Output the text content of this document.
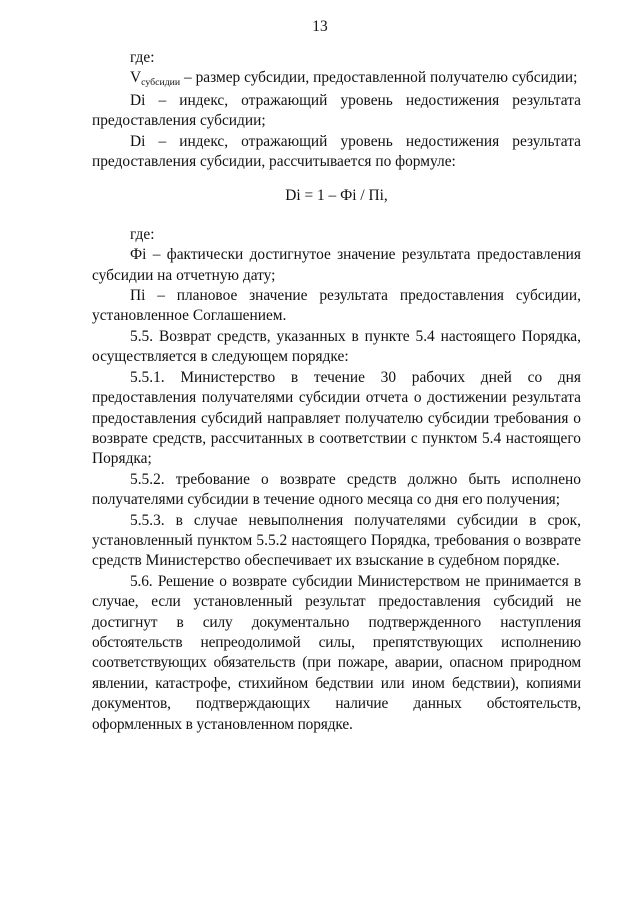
13

где:

Vсубсидии – размер субсидии, предоставленной получателю субсидии;

Di – индекс, отражающий уровень недостижения результата предоставления субсидии;

Di – индекс, отражающий уровень недостижения результата предоставления субсидии, рассчитывается по формуле:

Di = 1 – Фi / Пi,

где:

Фi – фактически достигнутое значение результата предоставления субсидии на отчетную дату;

Пi – плановое значение результата предоставления субсидии, установленное Соглашением.

5.5. Возврат средств, указанных в пункте 5.4 настоящего Порядка, осуществляется в следующем порядке:

5.5.1. Министерство в течение 30 рабочих дней со дня предоставления получателями субсидии отчета о достижении результата предоставления субсидий направляет получателю субсидии требования о возврате средств, рассчитанных в соответствии с пунктом 5.4 настоящего Порядка;

5.5.2. требование о возврате средств должно быть исполнено получателями субсидии в течение одного месяца со дня его получения;

5.5.3. в случае невыполнения получателями субсидии в срок, установленный пунктом 5.5.2 настоящего Порядка, требования о возврате средств Министерство обеспечивает их взыскание в судебном порядке.

5.6. Решение о возврате субсидии Министерством не принимается в случае, если установленный результат предоставления субсидий не достигнут в силу документально подтвержденного наступления обстоятельств непреодолимой силы, препятствующих исполнению соответствующих обязательств (при пожаре, аварии, опасном природном явлении, катастрофе, стихийном бедствии или ином бедствии), копиями документов, подтверждающих наличие данных обстоятельств, оформленных в установленном порядке.
